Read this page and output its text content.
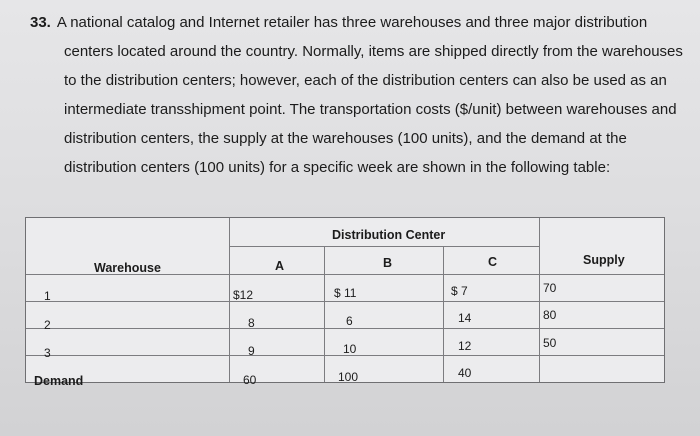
33. A national catalog and Internet retailer has three warehouses and three major distribution
centers located around the country. Normally, items are shipped directly from the warehouses
to the distribution centers; however, each of the distribution centers can also be used as an
intermediate transshipment point. The transportation costs ($/unit) between warehouses and
distribution centers, the supply at the warehouses (100 units), and the demand at the
distribution centers (100 units) for a specific week are shown in the following table:
Distribution Center
Warehouse	A	B	C	Supply
1	$12	$ 11	$ 7	70
2	8	6	14	80
3	9	10	12	50
Demand	60	100	40
